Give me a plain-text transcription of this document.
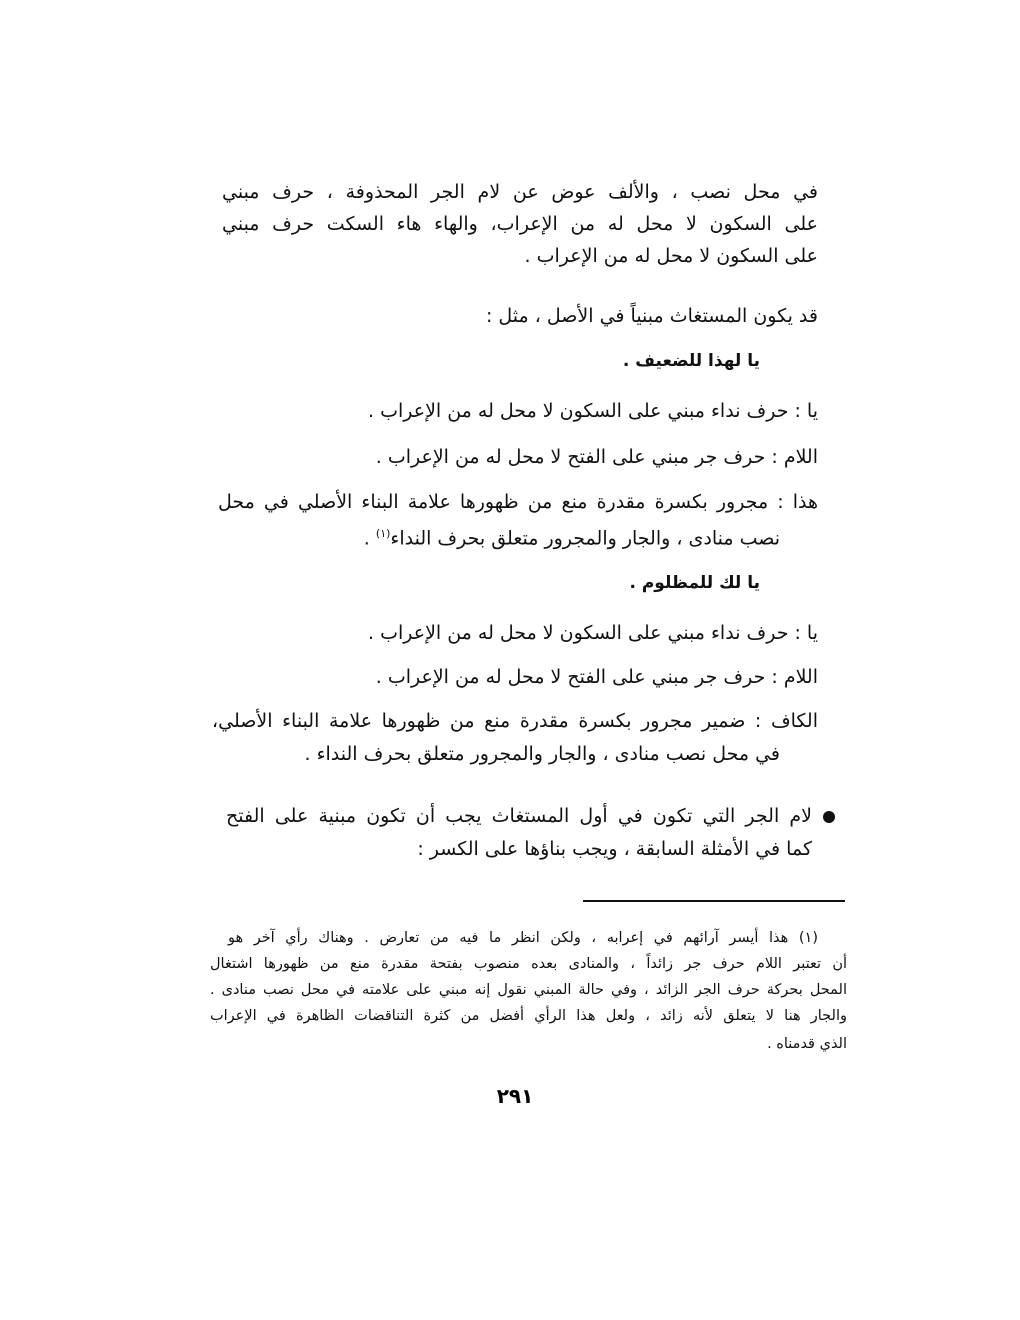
في محل نصب ، والألف عوض عن لام الجر المحذوفة ، حرف مبني
على السكون لا محل له من الإعراب، والهاء هاء السكت حرف مبني
على السكون لا محل له من الإعراب .
قد يكون المستغاث مبنياً في الأصل ، مثل :
يا لهذا للضعيف .
يا : حرف نداء مبني على السكون لا محل له من الإعراب .
اللام : حرف جر مبني على الفتح لا محل له من الإعراب .
هذا : مجرور بكسرة مقدرة منع من ظهورها علامة البناء الأصلي في محل
نصب منادى ، والجار والمجرور متعلق بحرف النداء$^{(١)}$ .
يا لك للمظلوم .
يا : حرف نداء مبني على السكون لا محل له من الإعراب .
اللام : حرف جر مبني على الفتح لا محل له من الإعراب .
الكاف : ضمير مجرور بكسرة مقدرة منع من ظهورها علامة البناء الأصلي،
في محل نصب منادى ، والجار والمجرور متعلق بحرف النداء .
لام الجر التي تكون في أول المستغاث يجب أن تكون مبنية على الفتح
كما في الأمثلة السابقة ، ويجب بناؤها على الكسر :
(١) هذا أيسر آرائهم في إعرابه ، ولكن انظر ما فيه من تعارض . وهناك رأي آخر هو
أن تعتبر اللام حرف جر زائداً ، والمنادى بعده منصوب بفتحة مقدرة منع من ظهورها اشتغال
المحل بحركة حرف الجر الزائد ، وفي حالة المبني نقول إنه مبني على علامته في محل نصب منادى .
والجار هنا لا يتعلق لأنه زائد ، ولعل هذا الرأي أفضل من كثرة التناقضات الظاهرة في الإعراب
الذي قدمناه .
٢٩١
